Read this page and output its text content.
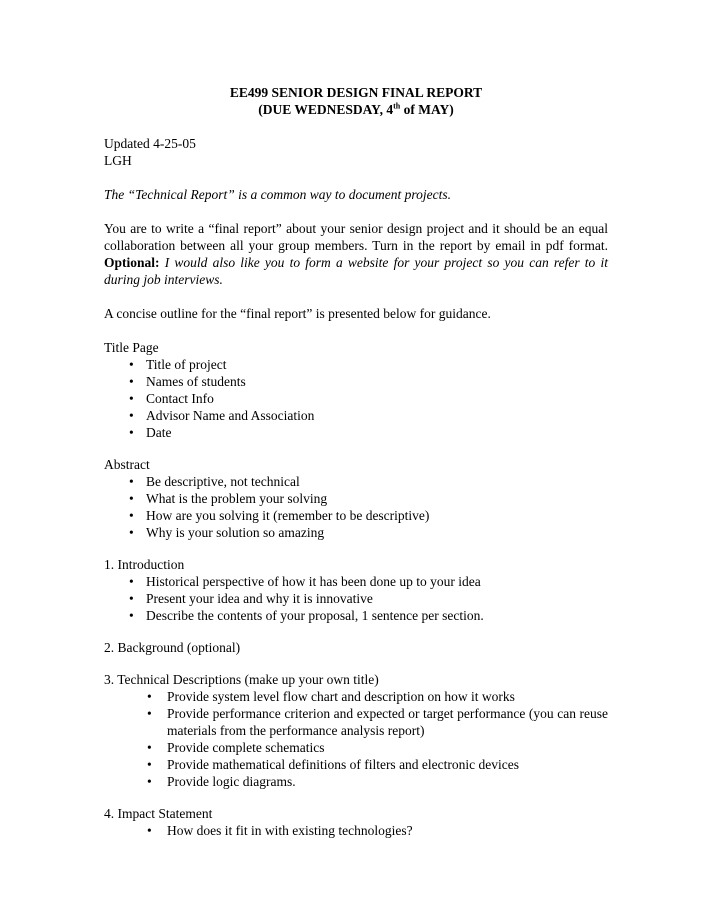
EE499 SENIOR DESIGN FINAL REPORT
(DUE WEDNESDAY, 4th of MAY)
Updated 4-25-05
LGH

The “Technical Report” is a common way to document projects.

You are to write a “final report” about your senior design project and it should be an equal collaboration between all your group members. Turn in the report by email in pdf format. Optional: I would also like you to form a website for your project so you can refer to it during job interviews.

A concise outline for the “final report” is presented below for guidance.

Title Page
• Title of project
• Names of students
• Contact Info
• Advisor Name and Association
• Date
Abstract
• Be descriptive, not technical
• What is the problem your solving
• How are you solving it (remember to be descriptive)
• Why is your solution so amazing
1. Introduction
• Historical perspective of how it has been done up to your idea
• Present your idea and why it is innovative
• Describe the contents of your proposal, 1 sentence per section.
2. Background (optional)
3. Technical Descriptions (make up your own title)
• Provide system level flow chart and description on how it works
• Provide performance criterion and expected or target performance (you can reuse materials from the performance analysis report)
• Provide complete schematics
• Provide mathematical definitions of filters and electronic devices
• Provide logic diagrams.
4. Impact Statement
• How does it fit in with existing technologies?
